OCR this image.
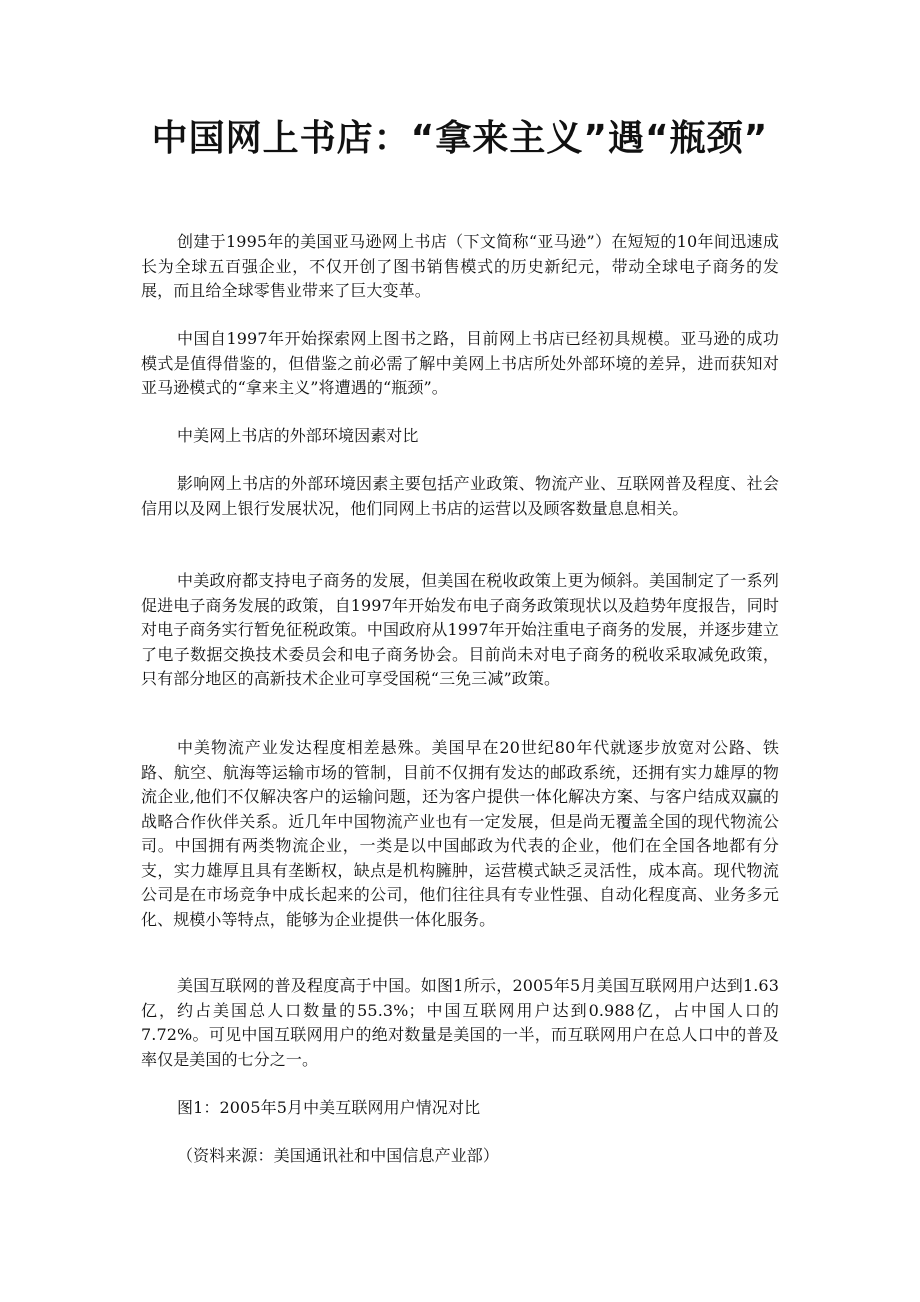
中国网上书店：“拿来主义”遇“瓶颈”

创建于1995年的美国亚马逊网上书店（下文简称“亚马逊”）在短短的10年间迅速成长为全球五百强企业，不仅开创了图书销售模式的历史新纪元，带动全球电子商务的发展，而且给全球零售业带来了巨大变革。

中国自1997年开始探索网上图书之路，目前网上书店已经初具规模。亚马逊的成功模式是值得借鉴的，但借鉴之前必需了解中美网上书店所处外部环境的差异，进而获知对亚马逊模式的“拿来主义”将遭遇的“瓶颈”。

中美网上书店的外部环境因素对比

影响网上书店的外部环境因素主要包括产业政策、物流产业、互联网普及程度、社会信用以及网上银行发展状况，他们同网上书店的运营以及顾客数量息息相关。

中美政府都支持电子商务的发展，但美国在税收政策上更为倾斜。美国制定了一系列促进电子商务发展的政策，自1997年开始发布电子商务政策现状以及趋势年度报告，同时对电子商务实行暂免征税政策。中国政府从1997年开始注重电子商务的发展，并逐步建立了电子数据交换技术委员会和电子商务协会。目前尚未对电子商务的税收采取减免政策，只有部分地区的高新技术企业可享受国税“三免三减”政策。

中美物流产业发达程度相差悬殊。美国早在20世纪80年代就逐步放宽对公路、铁路、航空、航海等运输市场的管制，目前不仅拥有发达的邮政系统，还拥有实力雄厚的物流企业,他们不仅解决客户的运输问题，还为客户提供一体化解决方案、与客户结成双赢的战略合作伙伴关系。近几年中国物流产业也有一定发展，但是尚无覆盖全国的现代物流公司。中国拥有两类物流企业，一类是以中国邮政为代表的企业，他们在全国各地都有分支，实力雄厚且具有垄断权，缺点是机构臃肿，运营模式缺乏灵活性，成本高。现代物流公司是在市场竞争中成长起来的公司，他们往往具有专业性强、自动化程度高、业务多元化、规模小等特点，能够为企业提供一体化服务。

美国互联网的普及程度高于中国。如图1所示，2005年5月美国互联网用户达到1.63亿，约占美国总人口数量的55.3%；中国互联网用户达到0.988亿，占中国人口的7.72%。可见中国互联网用户的绝对数量是美国的一半，而互联网用户在总人口中的普及率仅是美国的七分之一。

图1：2005年5月中美互联网用户情况对比

（资料来源：美国通讯社和中国信息产业部）
